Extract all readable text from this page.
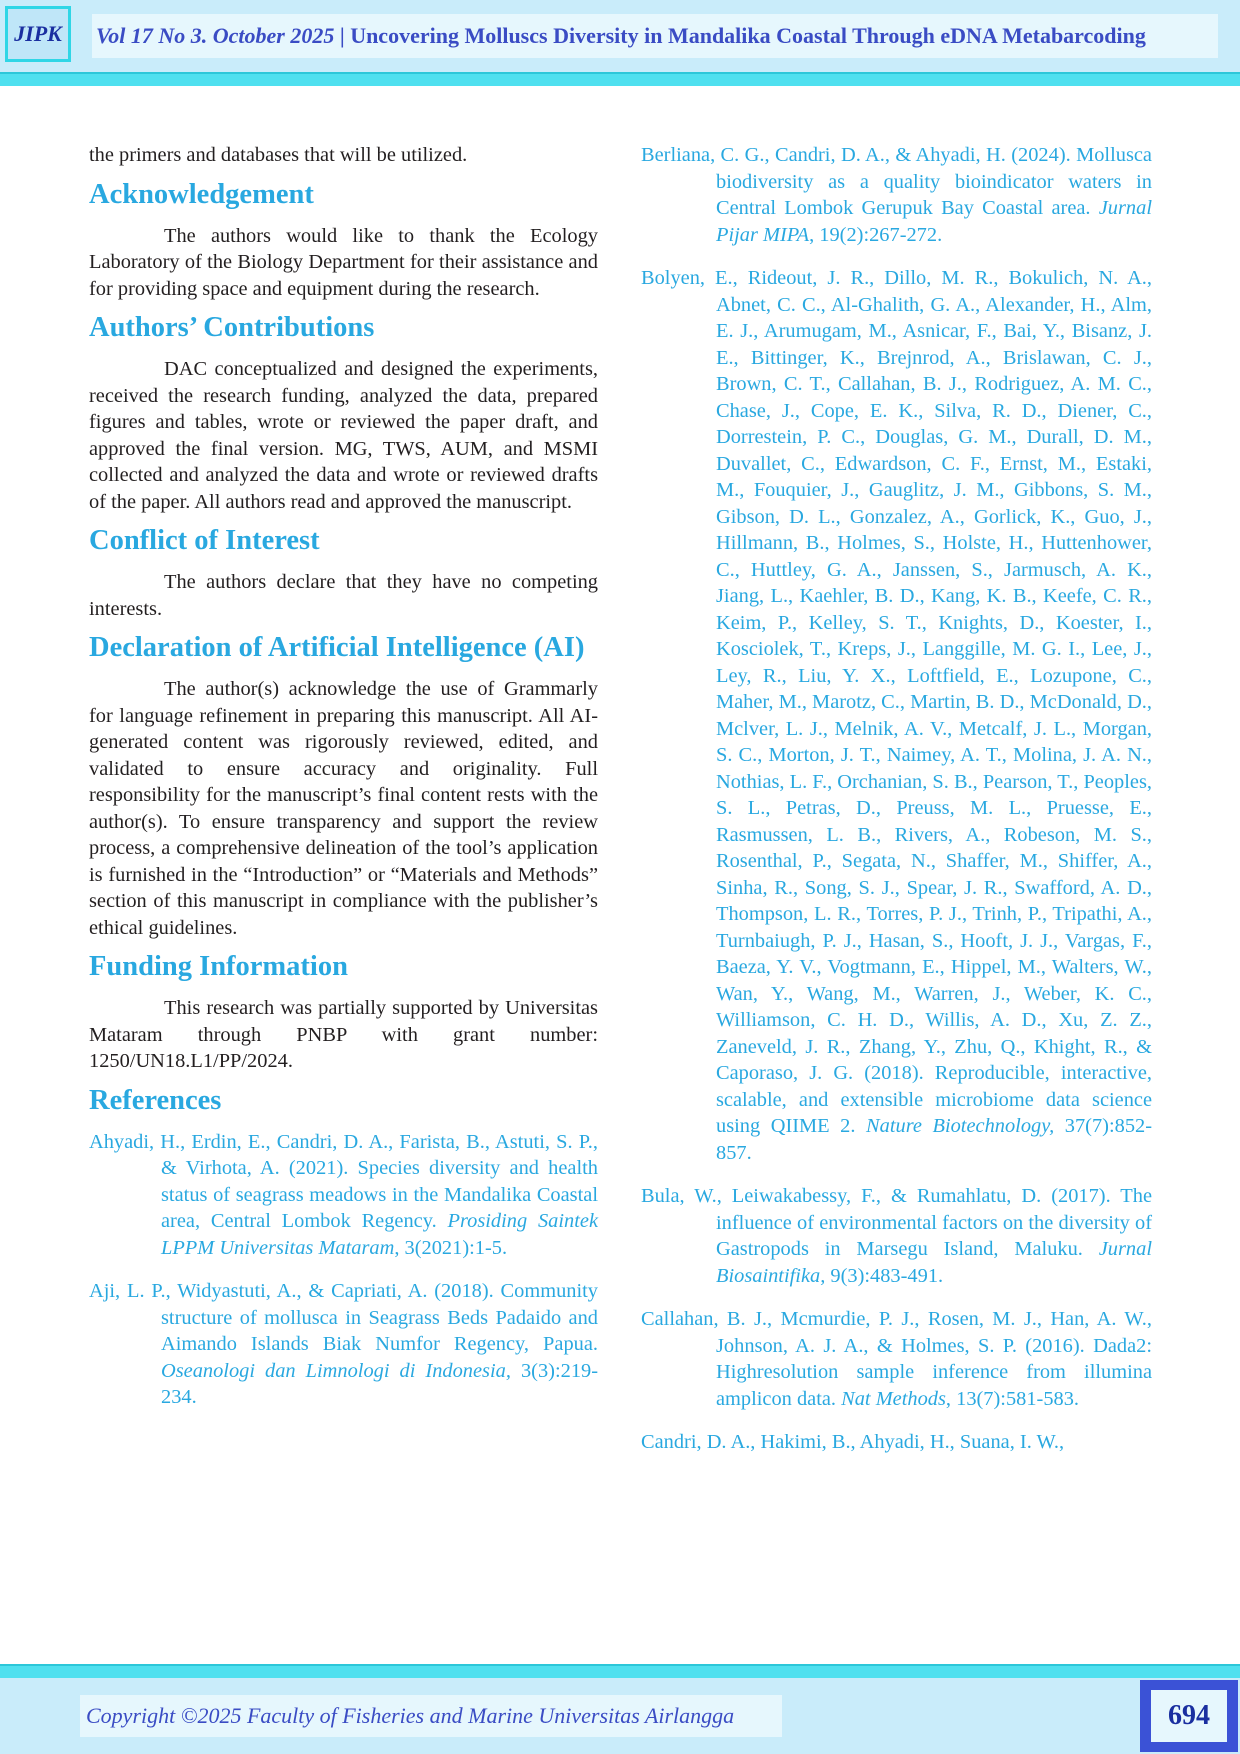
JIPK Vol 17 No 3. October 2025 | Uncovering Molluscs Diversity in Mandalika Coastal Through eDNA Metabarcoding

the primers and databases that will be utilized.

Acknowledgement

The authors would like to thank the Ecology Laboratory of the Biology Department for their assistance and for providing space and equipment during the research.

Authors’ Contributions

DAC conceptualized and designed the experiments, received the research funding, analyzed the data, prepared figures and tables, wrote or reviewed the paper draft, and approved the final version. MG, TWS, AUM, and MSMI collected and analyzed the data and wrote or reviewed drafts of the paper. All authors read and approved the manuscript.

Conflict of Interest

The authors declare that they have no competing interests.

Declaration of Artificial Intelligence (AI)

The author(s) acknowledge the use of Grammarly for language refinement in preparing this manuscript. All AI-generated content was rigorously reviewed, edited, and validated to ensure accuracy and originality. Full responsibility for the manuscript’s final content rests with the author(s). To ensure transparency and support the review process, a comprehensive delineation of the tool’s application is furnished in the “Introduction” or “Materials and Methods” section of this manuscript in compliance with the publisher’s ethical guidelines.

Funding Information

This research was partially supported by Universitas Mataram through PNBP with grant number: 1250/UN18.L1/PP/2024.

References

Ahyadi, H., Erdin, E., Candri, D. A., Farista, B., Astuti, S. P., & Virhota, A. (2021). Species diversity and health status of seagrass meadows in the Mandalika Coastal area, Central Lombok Regency. Prosiding Saintek LPPM Universitas Mataram, 3(2021):1-5.

Aji, L. P., Widyastuti, A., & Capriati, A. (2018). Community structure of mollusca in Seagrass Beds Padaido and Aimando Islands Biak Numfor Regency, Papua. Oseanologi dan Limnologi di Indonesia, 3(3):219-234.

Berliana, C. G., Candri, D. A., & Ahyadi, H. (2024). Mollusca biodiversity as a quality bioindicator waters in Central Lombok Gerupuk Bay Coastal area. Jurnal Pijar MIPA, 19(2):267-272.

Bolyen, E., Rideout, J. R., Dillo, M. R., Bokulich, N. A., Abnet, C. C., Al-Ghalith, G. A., Alexander, H., Alm, E. J., Arumugam, M., Asnicar, F., Bai, Y., Bisanz, J. E., Bittinger, K., Brejnrod, A., Brislawan, C. J., Brown, C. T., Callahan, B. J., Rodriguez, A. M. C., Chase, J., Cope, E. K., Silva, R. D., Diener, C., Dorrestein, P. C., Douglas, G. M., Durall, D. M., Duvallet, C., Edwardson, C. F., Ernst, M., Estaki, M., Fouquier, J., Gauglitz, J. M., Gibbons, S. M., Gibson, D. L., Gonzalez, A., Gorlick, K., Guo, J., Hillmann, B., Holmes, S., Holste, H., Huttenhower, C., Huttley, G. A., Janssen, S., Jarmusch, A. K., Jiang, L., Kaehler, B. D., Kang, K. B., Keefe, C. R., Keim, P., Kelley, S. T., Knights, D., Koester, I., Kosciolek, T., Kreps, J., Langgille, M. G. I., Lee, J., Ley, R., Liu, Y. X., Loftfield, E., Lozupone, C., Maher, M., Marotz, C., Martin, B. D., McDonald, D., Mclver, L. J., Melnik, A. V., Metcalf, J. L., Morgan, S. C., Morton, J. T., Naimey, A. T., Molina, J. A. N., Nothias, L. F., Orchanian, S. B., Pearson, T., Peoples, S. L., Petras, D., Preuss, M. L., Pruesse, E., Rasmussen, L. B., Rivers, A., Robeson, M. S., Rosenthal, P., Segata, N., Shaffer, M., Shiffer, A., Sinha, R., Song, S. J., Spear, J. R., Swafford, A. D., Thompson, L. R., Torres, P. J., Trinh, P., Tripathi, A., Turnbaiugh, P. J., Hasan, S., Hooft, J. J., Vargas, F., Baeza, Y. V., Vogtmann, E., Hippel, M., Walters, W., Wan, Y., Wang, M., Warren, J., Weber, K. C., Williamson, C. H. D., Willis, A. D., Xu, Z. Z., Zaneveld, J. R., Zhang, Y., Zhu, Q., Khight, R., & Caporaso, J. G. (2018). Reproducible, interactive, scalable, and extensible microbiome data science using QIIME 2. Nature Biotechnology, 37(7):852-857.

Bula, W., Leiwakabessy, F., & Rumahlatu, D. (2017). The influence of environmental factors on the diversity of Gastropods in Marsegu Island, Maluku. Jurnal Biosaintifika, 9(3):483-491.

Callahan, B. J., Mcmurdie, P. J., Rosen, M. J., Han, A. W., Johnson, A. J. A., & Holmes, S. P. (2016). Dada2: Highresolution sample inference from illumina amplicon data. Nat Methods, 13(7):581-583.

Candri, D. A., Hakimi, B., Ahyadi, H., Suana, I. W.,

Copyright ©2025 Faculty of Fisheries and Marine Universitas Airlangga	694
